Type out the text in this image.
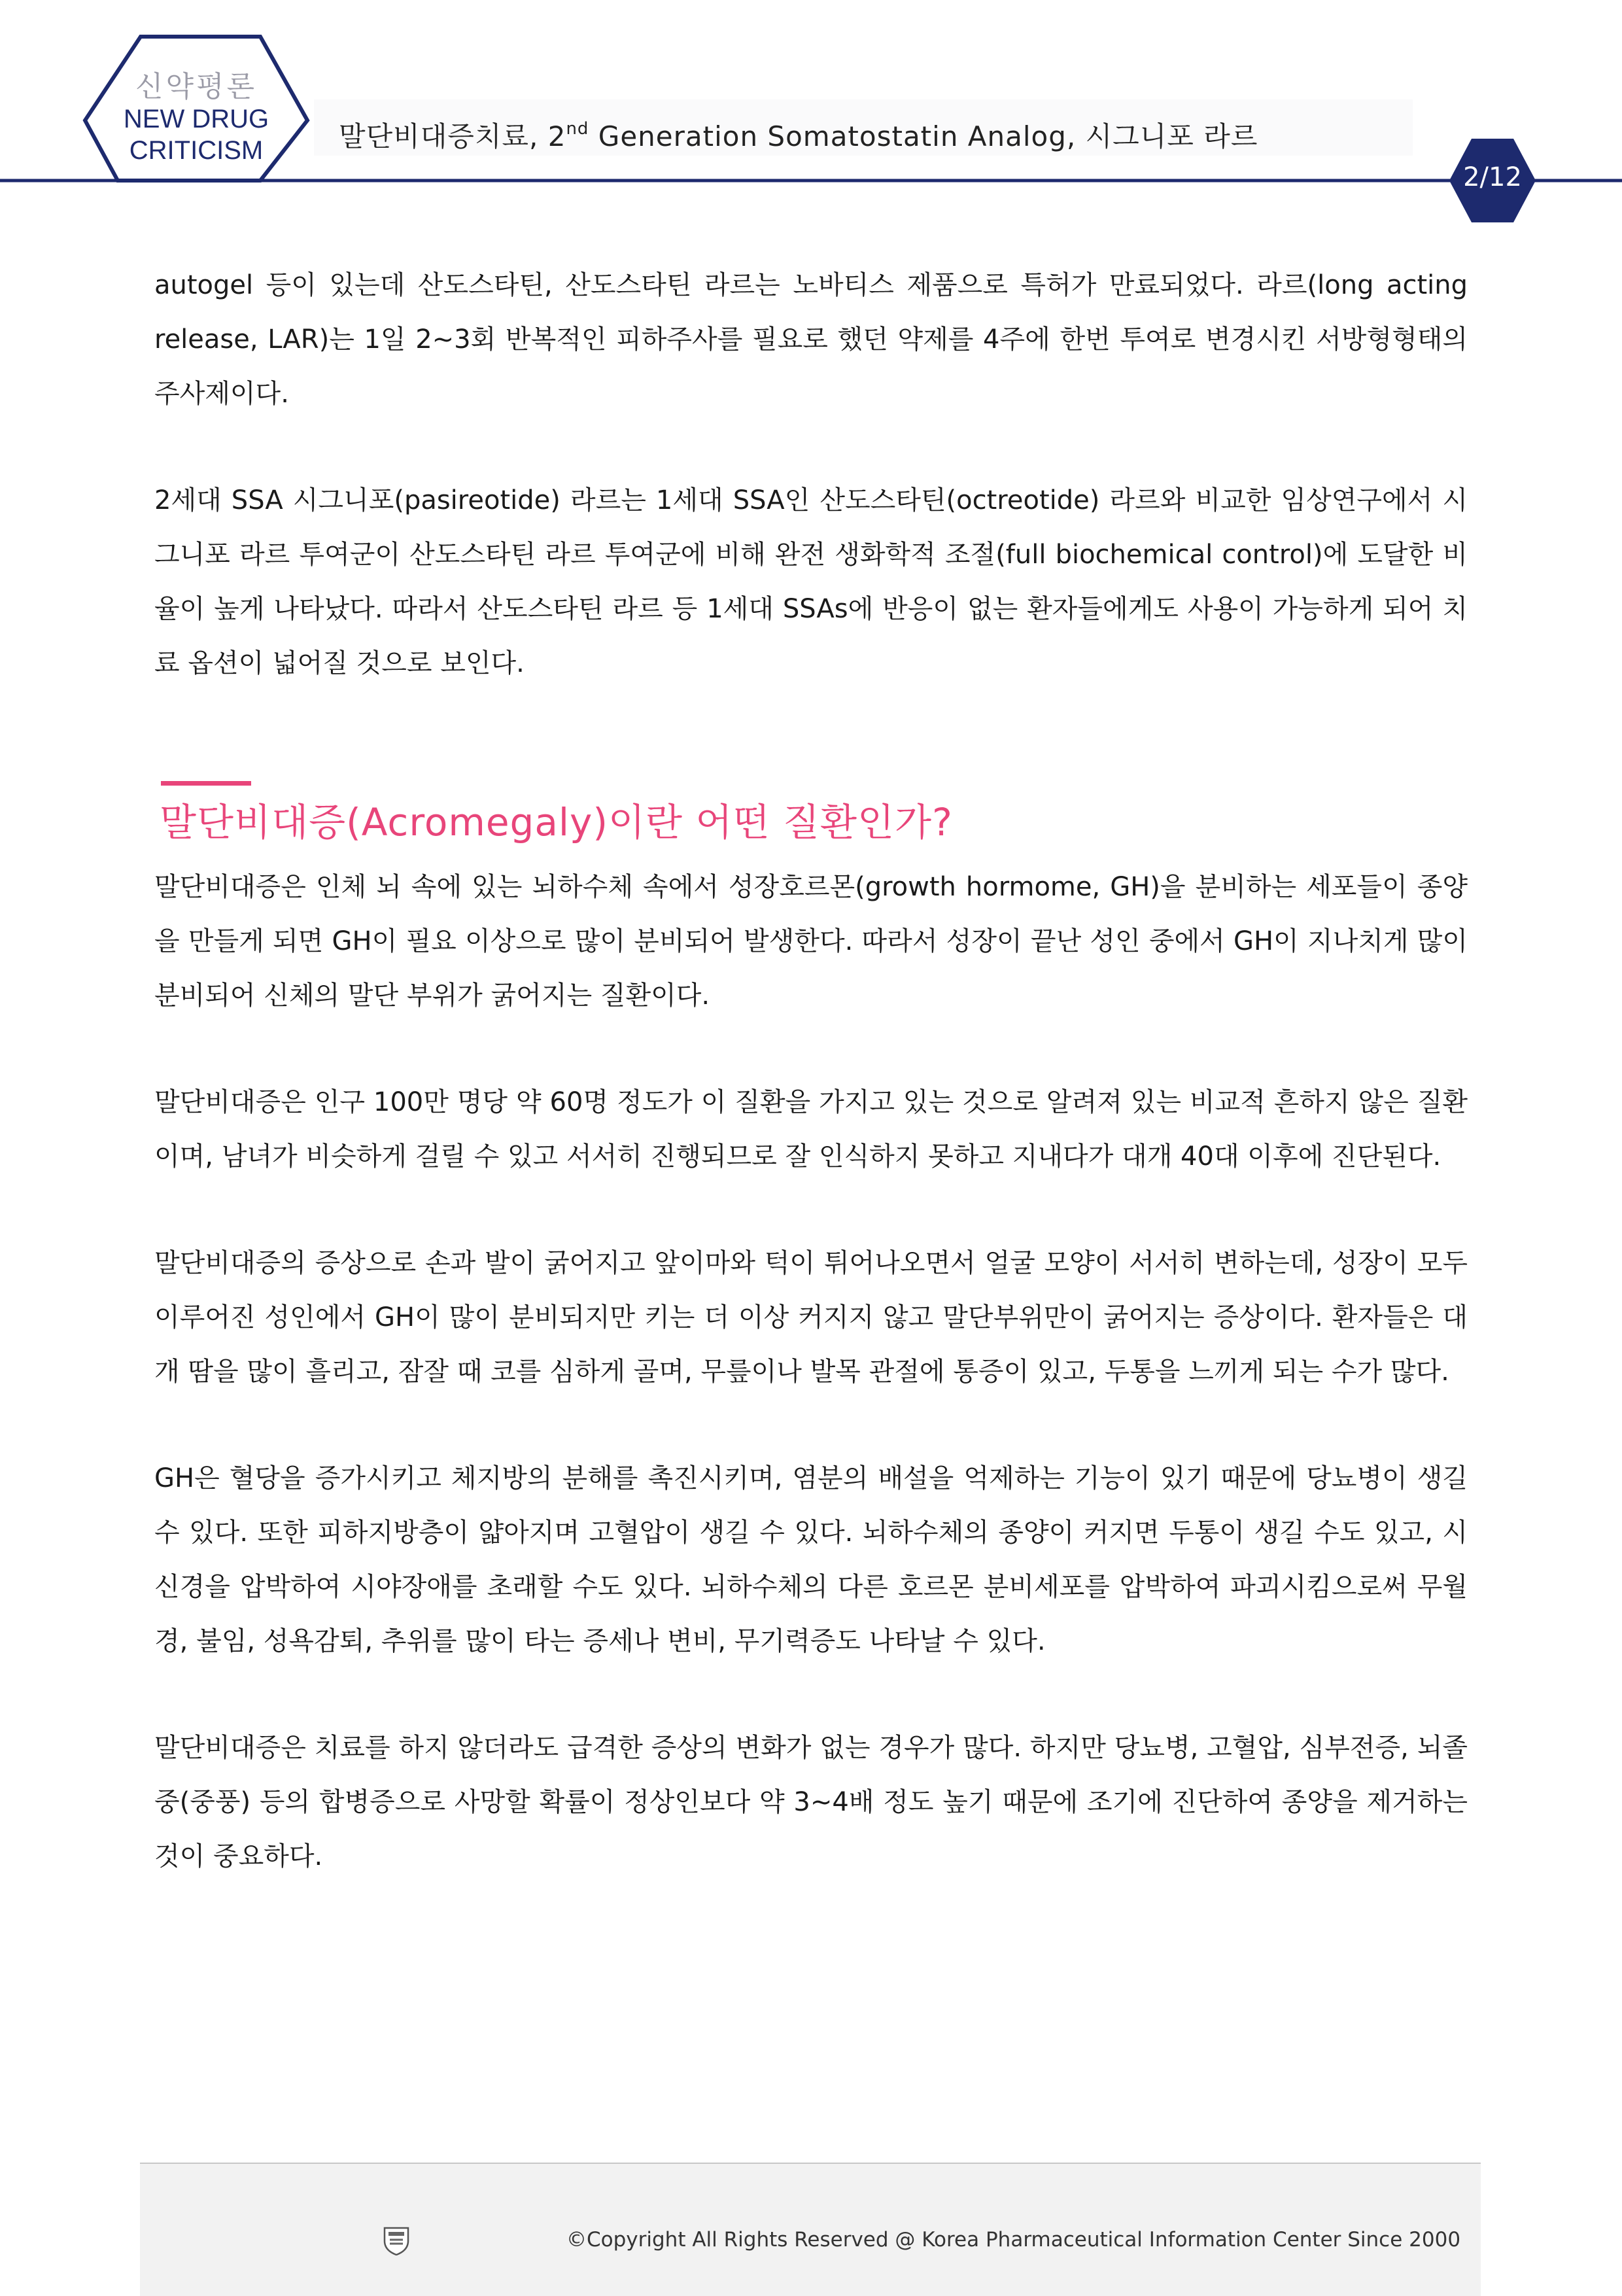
신약평론
NEW DRUG
CRITICISM	말단비대증치료, 2nd Generation Somatostatin Analog, 시그니포 라르
2/12

autogel 등이 있는데 산도스타틴, 산도스타틴 라르는 노바티스 제품으로 특허가 만료되었다. 라르(long acting release, LAR)는 1일 2~3회 반복적인 피하주사를 필요로 했던 약제를 4주에 한번 투여로 변경시킨 서방형형태의 주사제이다.

2세대 SSA 시그니포(pasireotide) 라르는 1세대 SSA인 산도스타틴(octreotide) 라르와 비교한 임상연구에서 시그니포 라르 투여군이 산도스타틴 라르 투여군에 비해 완전 생화학적 조절(full biochemical control)에 도달한 비율이 높게 나타났다. 따라서 산도스타틴 라르 등 1세대 SSAs에 반응이 없는 환자들에게도 사용이 가능하게 되어 치료 옵션이 넓어질 것으로 보인다.

말단비대증(Acromegaly)이란 어떤 질환인가?

말단비대증은 인체 뇌 속에 있는 뇌하수체 속에서 성장호르몬(growth hormome, GH)을 분비하는 세포들이 종양을 만들게 되면 GH이 필요 이상으로 많이 분비되어 발생한다. 따라서 성장이 끝난 성인 중에서 GH이 지나치게 많이 분비되어 신체의 말단 부위가 굵어지는 질환이다.

말단비대증은 인구 100만 명당 약 60명 정도가 이 질환을 가지고 있는 것으로 알려져 있는 비교적 흔하지 않은 질환이며, 남녀가 비슷하게 걸릴 수 있고 서서히 진행되므로 잘 인식하지 못하고 지내다가 대개 40대 이후에 진단된다.

말단비대증의 증상으로 손과 발이 굵어지고 앞이마와 턱이 튀어나오면서 얼굴 모양이 서서히 변하는데, 성장이 모두 이루어진 성인에서 GH이 많이 분비되지만 키는 더 이상 커지지 않고 말단부위만이 굵어지는 증상이다. 환자들은 대개 땀을 많이 흘리고, 잠잘 때 코를 심하게 골며, 무릎이나 발목 관절에 통증이 있고, 두통을 느끼게 되는 수가 많다.

GH은 혈당을 증가시키고 체지방의 분해를 촉진시키며, 염분의 배설을 억제하는 기능이 있기 때문에 당뇨병이 생길 수 있다. 또한 피하지방층이 얇아지며 고혈압이 생길 수 있다. 뇌하수체의 종양이 커지면 두통이 생길 수도 있고, 시신경을 압박하여 시야장애를 초래할 수도 있다. 뇌하수체의 다른 호르몬 분비세포를 압박하여 파괴시킴으로써 무월경, 불임, 성욕감퇴, 추위를 많이 타는 증세나 변비, 무기력증도 나타날 수 있다.

말단비대증은 치료를 하지 않더라도 급격한 증상의 변화가 없는 경우가 많다. 하지만 당뇨병, 고혈압, 심부전증, 뇌졸중(중풍) 등의 합병증으로 사망할 확률이 정상인보다 약 3~4배 정도 높기 때문에 조기에 진단하여 종양을 제거하는 것이 중요하다.

©Copyright All Rights Reserved @ Korea Pharmaceutical Information Center Since 2000
